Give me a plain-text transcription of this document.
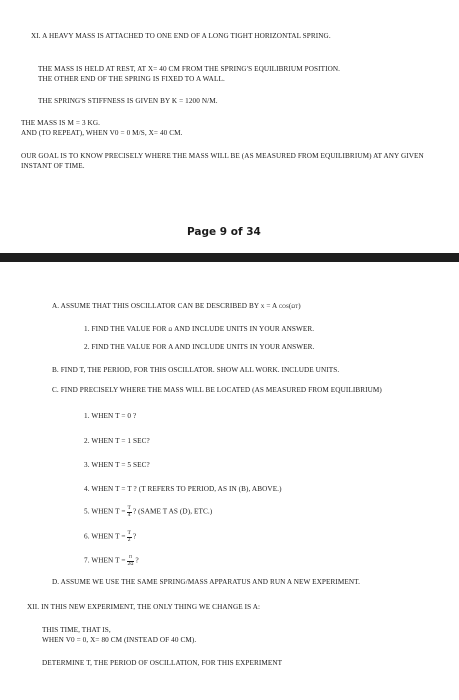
XI. A HEAVY MASS IS ATTACHED TO ONE END OF A LONG TIGHT HORIZONTAL SPRING.
THE MASS IS HELD AT REST, AT X= 40 CM FROM THE SPRING'S EQUILIBRIUM POSITION.
THE OTHER END OF THE SPRING IS FIXED TO A WALL.
THE SPRING'S STIFFNESS IS GIVEN BY K = 1200 N/M.
THE MASS IS M = 3 KG.
AND (TO REPEAT), WHEN V0 = 0 M/S, X= 40 CM.
OUR GOAL IS TO KNOW PRECISELY WHERE THE MASS WILL BE (AS MEASURED FROM EQUILIBRIUM) AT ANY GIVEN
INSTANT OF TIME.
Page 9 of 34
A. ASSUME THAT THIS OSCILLATOR CAN BE DESCRIBED BY x = A cos(ωt)
1. FIND THE VALUE FOR ω AND INCLUDE UNITS IN YOUR ANSWER.
2. FIND THE VALUE FOR A AND INCLUDE UNITS IN YOUR ANSWER.
B. FIND T, THE PERIOD, FOR THIS OSCILLATOR. SHOW ALL WORK. INCLUDE UNITS.
C. FIND PRECISELY WHERE THE MASS WILL BE LOCATED (AS MEASURED FROM EQUILIBRIUM)
1. WHEN T = 0 ?
2. WHEN T = 1 SEC?
3. WHEN T = 5 SEC?
4. WHEN T = T ? (T REFERS TO PERIOD, AS IN (B), ABOVE.)
5. WHEN $T = \frac{T}{4}$ ? (SAME T AS (D), ETC.)
6. WHEN $T = \frac{T}{2}$ ?
7. WHEN $T = \frac{\pi}{2\omega}$ ?
D. ASSUME WE USE THE SAME SPRING/MASS APPARATUS AND RUN A NEW EXPERIMENT.
XII. IN THIS NEW EXPERIMENT, THE ONLY THING WE CHANGE IS A:
THIS TIME, THAT IS,
WHEN V0 = 0, X= 80 CM (INSTEAD OF 40 CM).
DETERMINE T, THE PERIOD OF OSCILLATION, FOR THIS EXPERIMENT
